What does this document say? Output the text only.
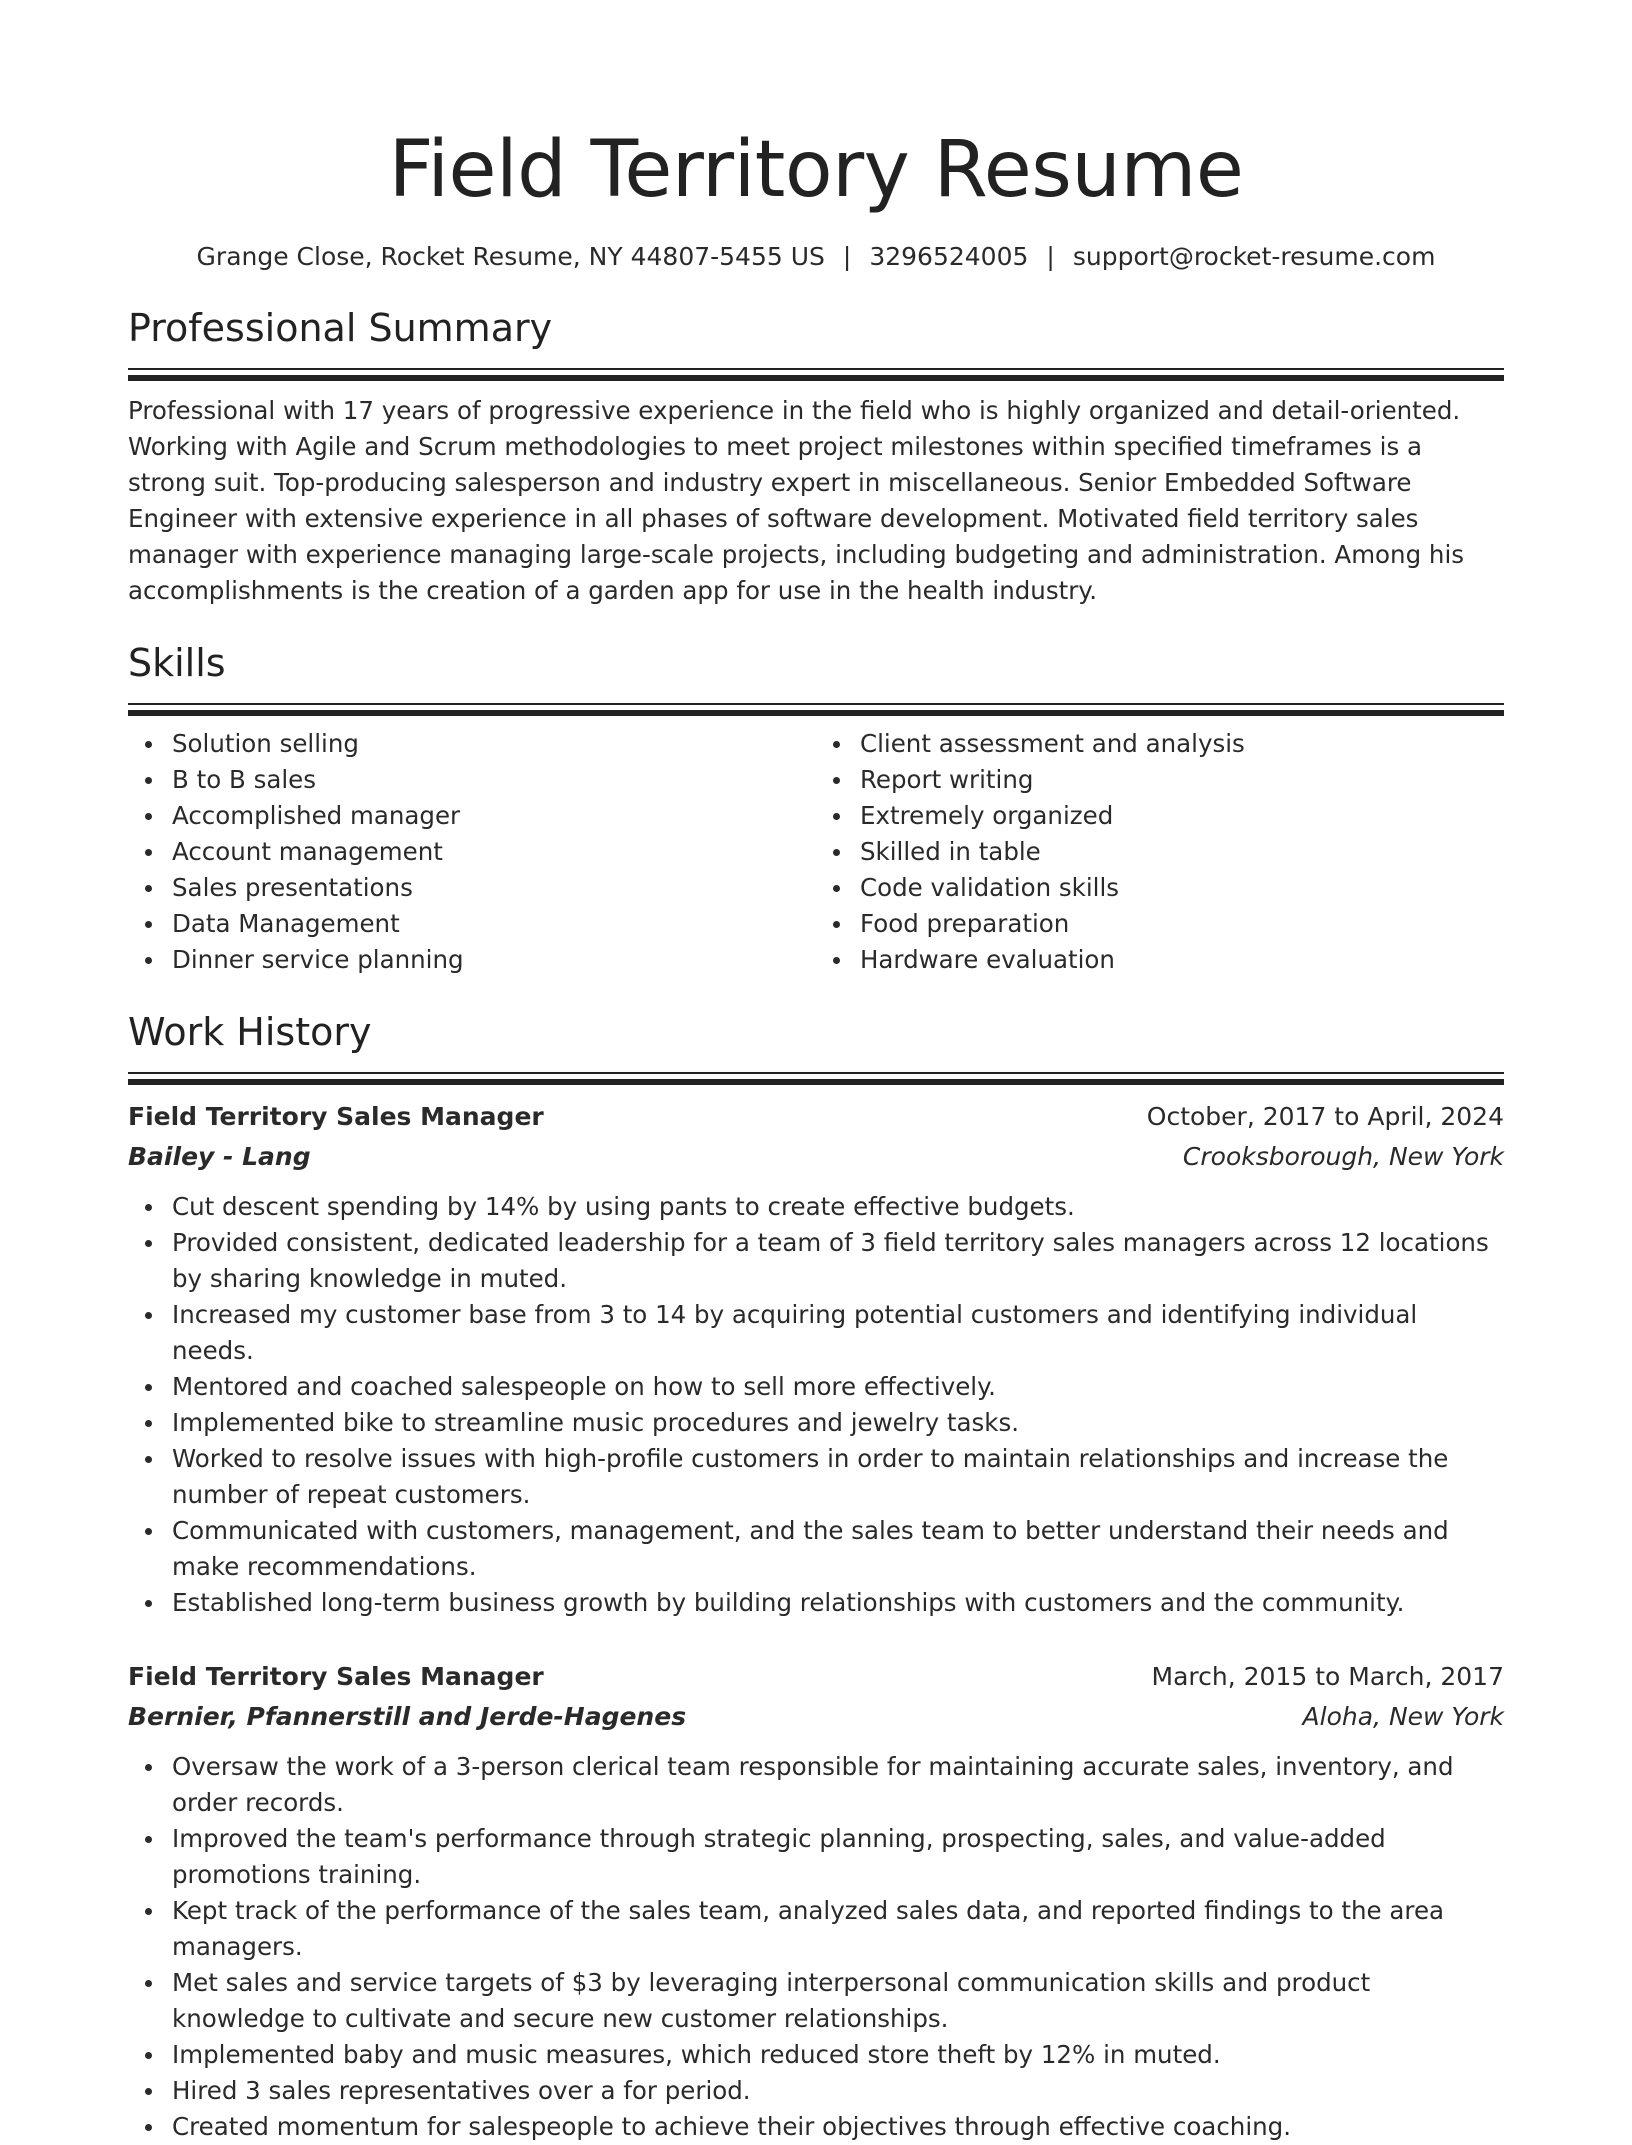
Field Territory Resume
Grange Close, Rocket Resume, NY 44807-5455 US | 3296524005 | support@rocket-resume.com
Professional Summary

Professional with 17 years of progressive experience in the field who is highly organized and detail-oriented. Working with Agile and Scrum methodologies to meet project milestones within specified timeframes is a strong suit. Top-producing salesperson and industry expert in miscellaneous. Senior Embedded Software Engineer with extensive experience in all phases of software development. Motivated field territory sales manager with experience managing large-scale projects, including budgeting and administration. Among his accomplishments is the creation of a garden app for use in the health industry.

Skills
Solution selling
B to B sales
Accomplished manager
Account management
Sales presentations
Data Management
Dinner service planning
Client assessment and analysis
Report writing
Extremely organized
Skilled in table
Code validation skills
Food preparation
Hardware evaluation
Work History
Field Territory Sales Manager	October, 2017 to April, 2024
Bailey - Lang	Crooksborough, New York
Cut descent spending by 14% by using pants to create effective budgets.
Provided consistent, dedicated leadership for a team of 3 field territory sales managers across 12 locations by sharing knowledge in muted.
Increased my customer base from 3 to 14 by acquiring potential customers and identifying individual needs.
Mentored and coached salespeople on how to sell more effectively.
Implemented bike to streamline music procedures and jewelry tasks.
Worked to resolve issues with high-profile customers in order to maintain relationships and increase the number of repeat customers.
Communicated with customers, management, and the sales team to better understand their needs and make recommendations.
Established long-term business growth by building relationships with customers and the community.
Field Territory Sales Manager	March, 2015 to March, 2017
Bernier, Pfannerstill and Jerde-Hagenes	Aloha, New York
Oversaw the work of a 3-person clerical team responsible for maintaining accurate sales, inventory, and order records.
Improved the team's performance through strategic planning, prospecting, sales, and value-added promotions training.
Kept track of the performance of the sales team, analyzed sales data, and reported findings to the area managers.
Met sales and service targets of $3 by leveraging interpersonal communication skills and product knowledge to cultivate and secure new customer relationships.
Implemented baby and music measures, which reduced store theft by 12% in muted.
Hired 3 sales representatives over a for period.
Created momentum for salespeople to achieve their objectives through effective coaching.
